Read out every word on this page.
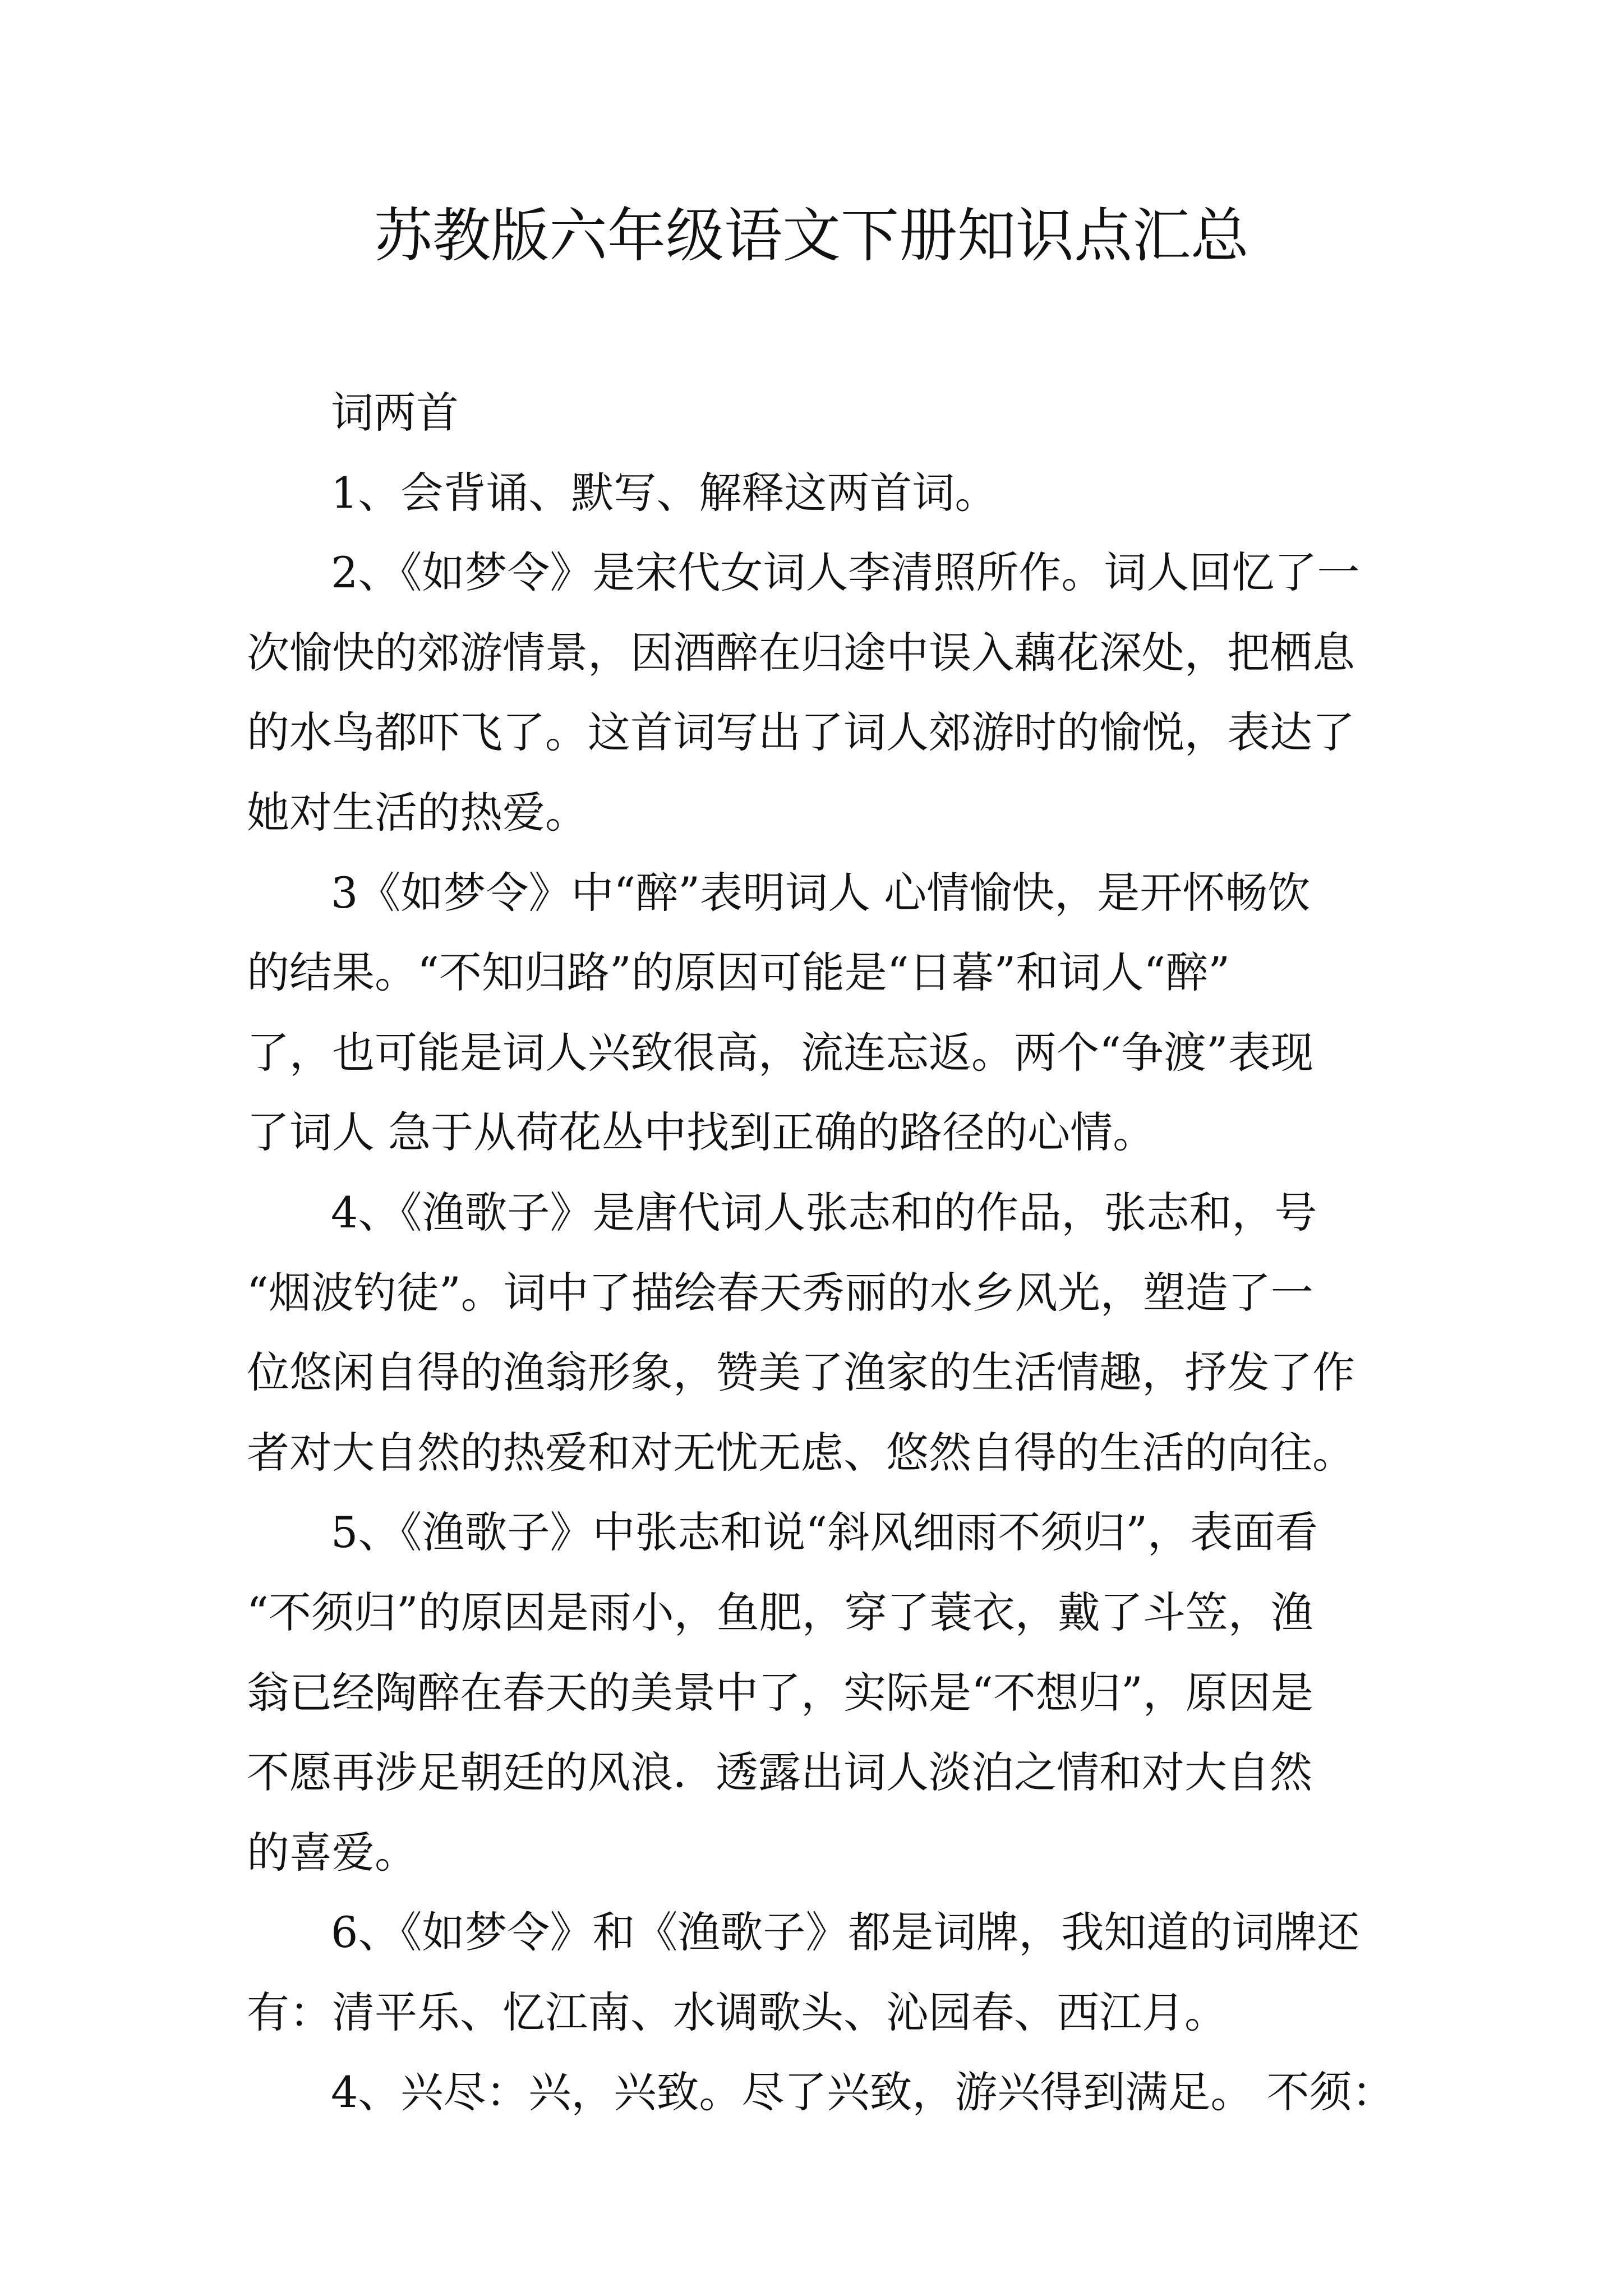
苏教版六年级语文下册知识点汇总
词两首
1、会背诵、默写、解释这两首词。
2、《如梦令》是宋代女词人李清照所作。词人回忆了一
次愉快的郊游情景，因酒醉在归途中误入藕花深处，把栖息
的水鸟都吓飞了。这首词写出了词人郊游时的愉悦，表达了
她对生活的热爱。
3《如梦令》中“醉”表明词人 心情愉快，是开怀畅饮
的结果。“不知归路”的原因可能是“日暮”和词人“醉”
了，也可能是词人兴致很高，流连忘返。两个“争渡”表现
了词人 急于从荷花丛中找到正确的路径的心情。
4、《渔歌子》是唐代词人张志和的作品，张志和，号
“烟波钓徒”。词中了描绘春天秀丽的水乡风光，塑造了一
位悠闲自得的渔翁形象，赞美了渔家的生活情趣，抒发了作
者对大自然的热爱和对无忧无虑、悠然自得的生活的向往。
5、《渔歌子》中张志和说“斜风细雨不须归”，表面看
“不须归”的原因是雨小，鱼肥，穿了蓑衣，戴了斗笠，渔
翁已经陶醉在春天的美景中了，实际是“不想归”，原因是
不愿再涉足朝廷的风浪．透露出词人淡泊之情和对大自然
的喜爱。
6、《如梦令》和《渔歌子》都是词牌，我知道的词牌还
有：清平乐、忆江南、水调歌头、沁园春、西江月。
4、兴尽：兴，兴致。尽了兴致，游兴得到满足。 不须：
